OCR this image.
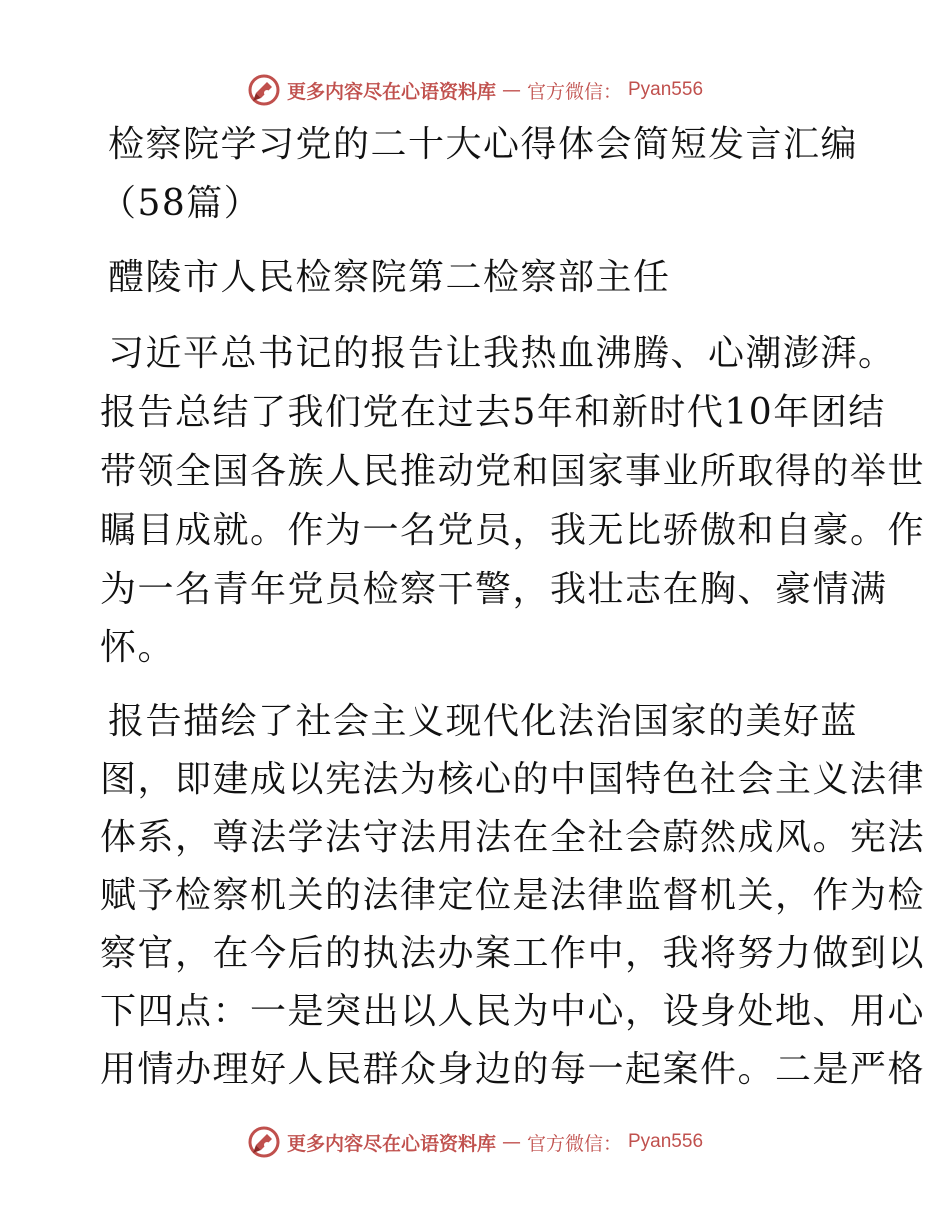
更多内容尽在心语资料库 — 官方微信： Pyan556
检察院学习党的二十大心得体会简短发言汇编
（58篇）
醴陵市人民检察院第二检察部主任
习近平总书记的报告让我热血沸腾、心潮澎湃。
报告总结了我们党在过去5年和新时代10年团结
带领全国各族人民推动党和国家事业所取得的举世
瞩目成就。作为一名党员，我无比骄傲和自豪。作
为一名青年党员检察干警，我壮志在胸、豪情满
怀。
报告描绘了社会主义现代化法治国家的美好蓝
图，即建成以宪法为核心的中国特色社会主义法律
体系，尊法学法守法用法在全社会蔚然成风。宪法
赋予检察机关的法律定位是法律监督机关，作为检
察官，在今后的执法办案工作中，我将努力做到以
下四点：一是突出以人民为中心，设身处地、用心
用情办理好人民群众身边的每一起案件。二是严格
更多内容尽在心语资料库 — 官方微信： Pyan556
